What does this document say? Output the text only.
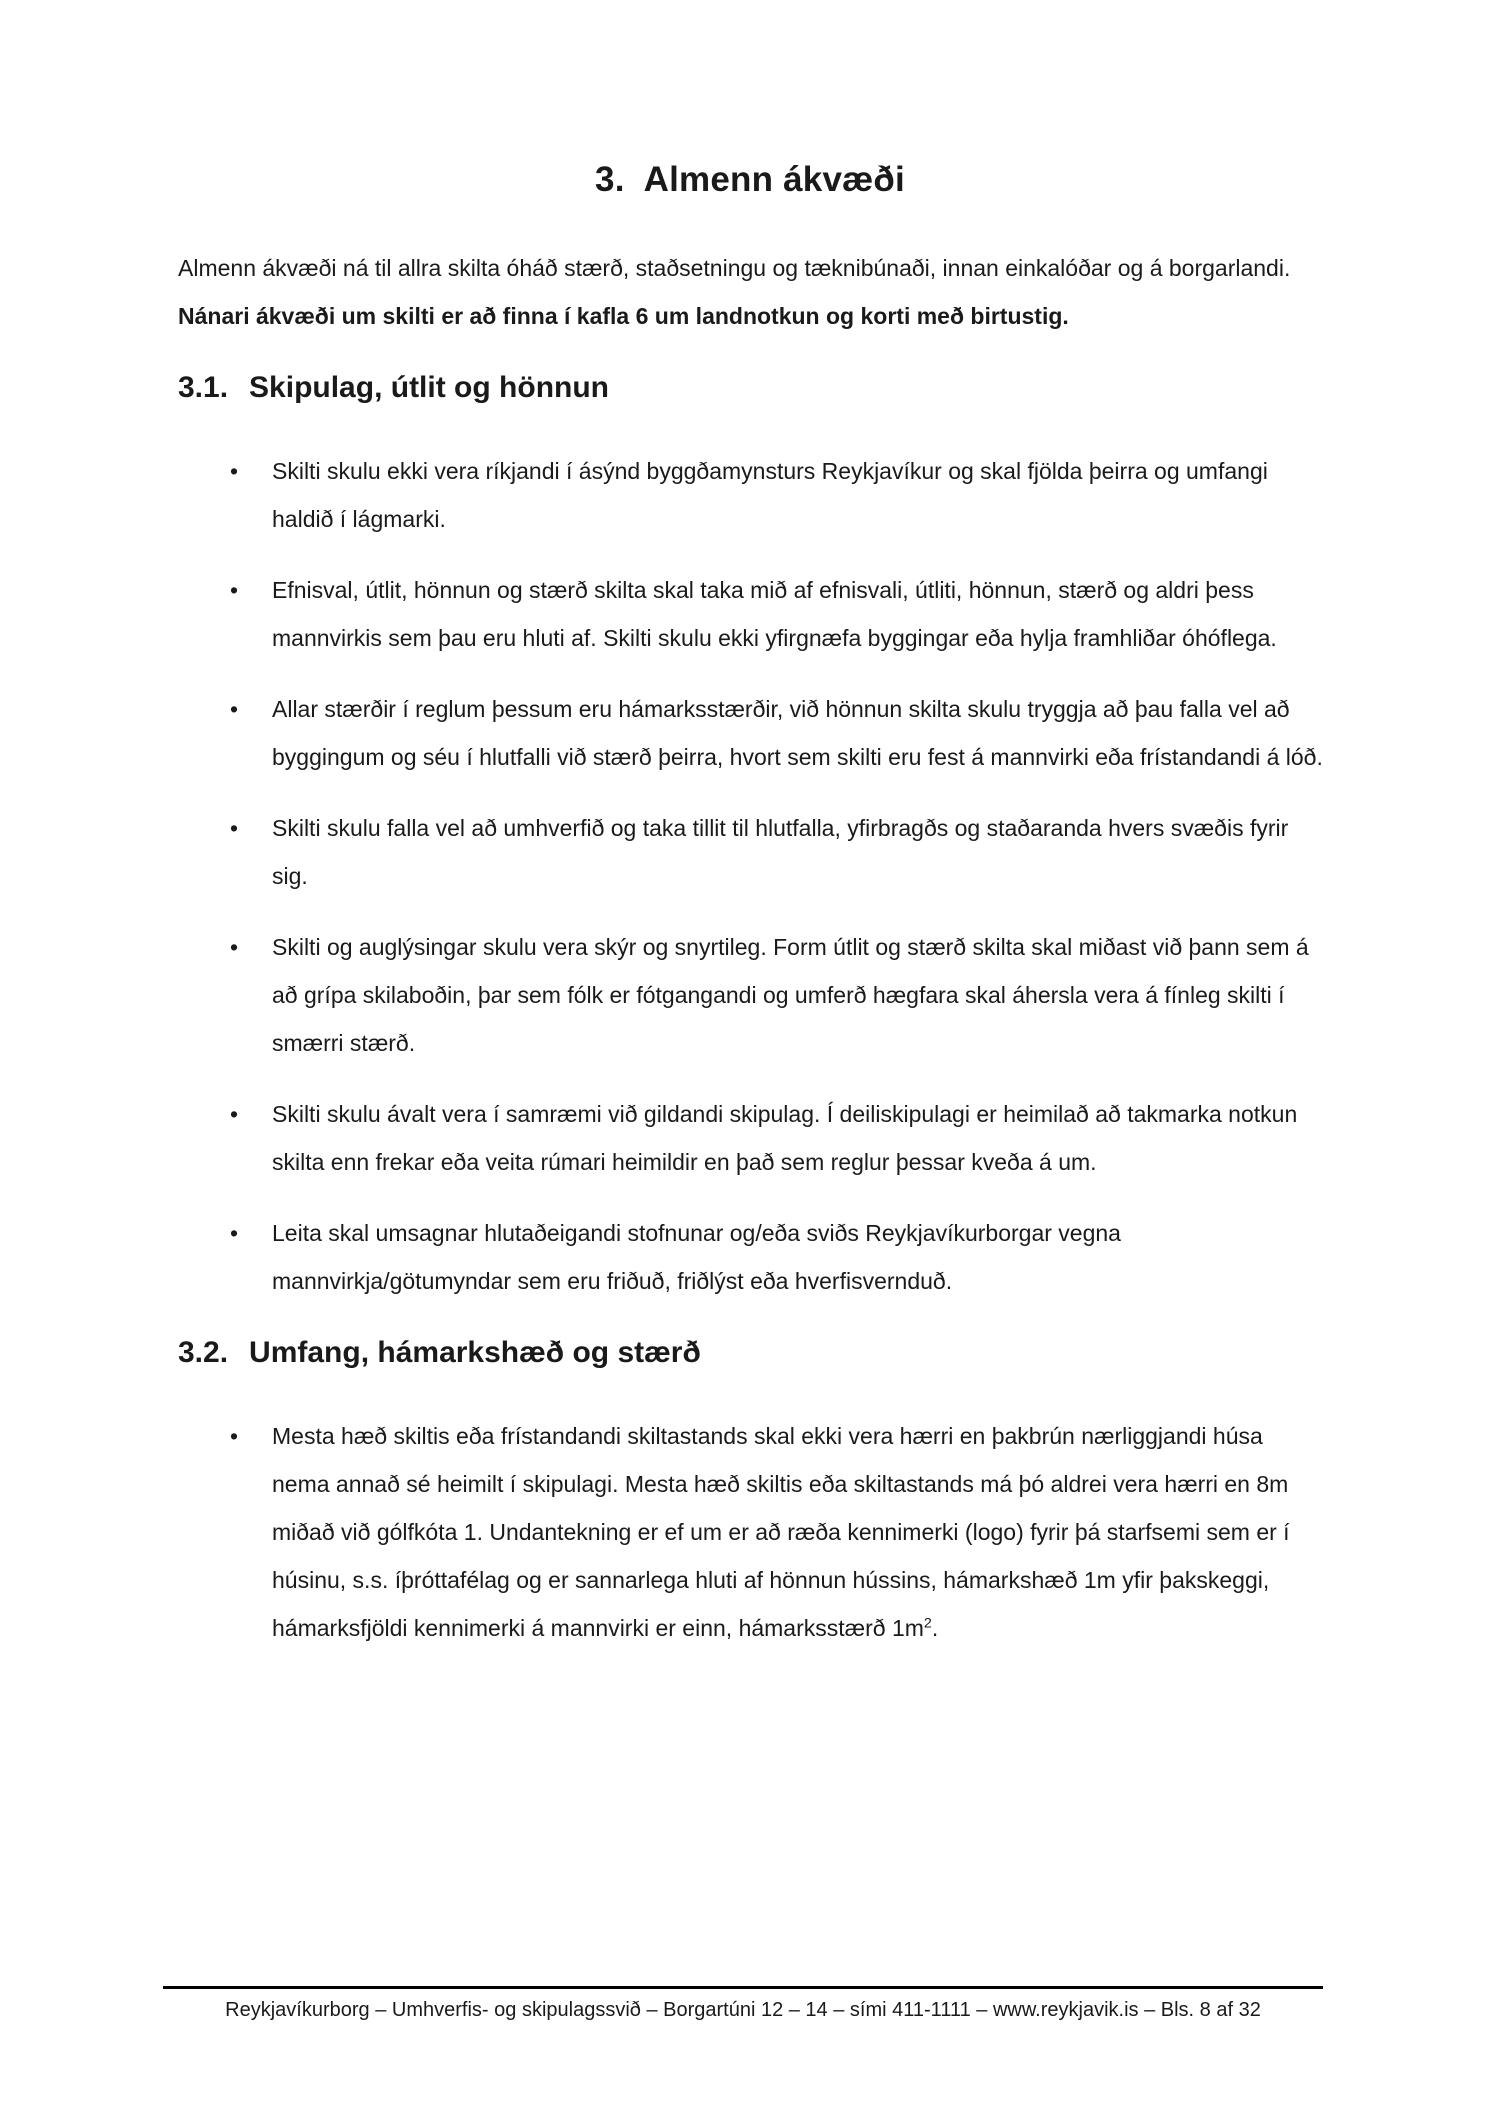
3. Almenn ákvæði

Almenn ákvæði ná til allra skilta óháð stærð, staðsetningu og tæknibúnaði, innan einkalóðar og á borgarlandi. Nánari ákvæði um skilti er að finna í kafla 6 um landnotkun og korti með birtustig.

3.1. Skipulag, útlit og hönnun
• Skilti skulu ekki vera ríkjandi í ásýnd byggðamynsturs Reykjavíkur og skal fjölda þeirra og umfangi haldið í lágmarki.
• Efnisval, útlit, hönnun og stærð skilta skal taka mið af efnisvali, útliti, hönnun, stærð og aldri þess mannvirkis sem þau eru hluti af. Skilti skulu ekki yfirgnæfa byggingar eða hylja framhliðar óhóflega.
• Allar stærðir í reglum þessum eru hámarksstærðir, við hönnun skilta skulu tryggja að þau falla vel að byggingum og séu í hlutfalli við stærð þeirra, hvort sem skilti eru fest á mannvirki eða frístandandi á lóð.
• Skilti skulu falla vel að umhverfið og taka tillit til hlutfalla, yfirbragðs og staðaranda hvers svæðis fyrir sig.
• Skilti og auglýsingar skulu vera skýr og snyrtileg. Form útlit og stærð skilta skal miðast við þann sem á að grípa skilaboðin, þar sem fólk er fótgangandi og umferð hægfara skal áhersla vera á fínleg skilti í smærri stærð.
• Skilti skulu ávalt vera í samræmi við gildandi skipulag. Í deiliskipulagi er heimilað að takmarka notkun skilta enn frekar eða veita rúmari heimildir en það sem reglur þessar kveða á um.
• Leita skal umsagnar hlutaðeigandi stofnunar og/eða sviðs Reykjavíkurborgar vegna mannvirkja/götumyndar sem eru friðuð, friðlýst eða hverfisvernduð.
3.2. Umfang, hámarkshæð og stærð
• Mesta hæð skiltis eða frístandandi skiltastands skal ekki vera hærri en þakbrún nærliggjandi húsa nema annað sé heimilt í skipulagi. Mesta hæð skiltis eða skiltastands má þó aldrei vera hærri en 8m miðað við gólfkóta 1. Undantekning er ef um er að ræða kennimerki (logo) fyrir þá starfsemi sem er í húsinu, s.s. íþróttafélag og er sannarlega hluti af hönnun hússins, hámarkshæð 1m yfir þakskeggi, hámarksfjöldi kennimerki á mannvirki er einn, hámarksstærð $1m^2$.
Reykjavíkurborg – Umhverfis- og skipulagssvið – Borgartúni 12 – 14 – sími 411-1111 – www.reykjavik.is – Bls. 8 af 32
